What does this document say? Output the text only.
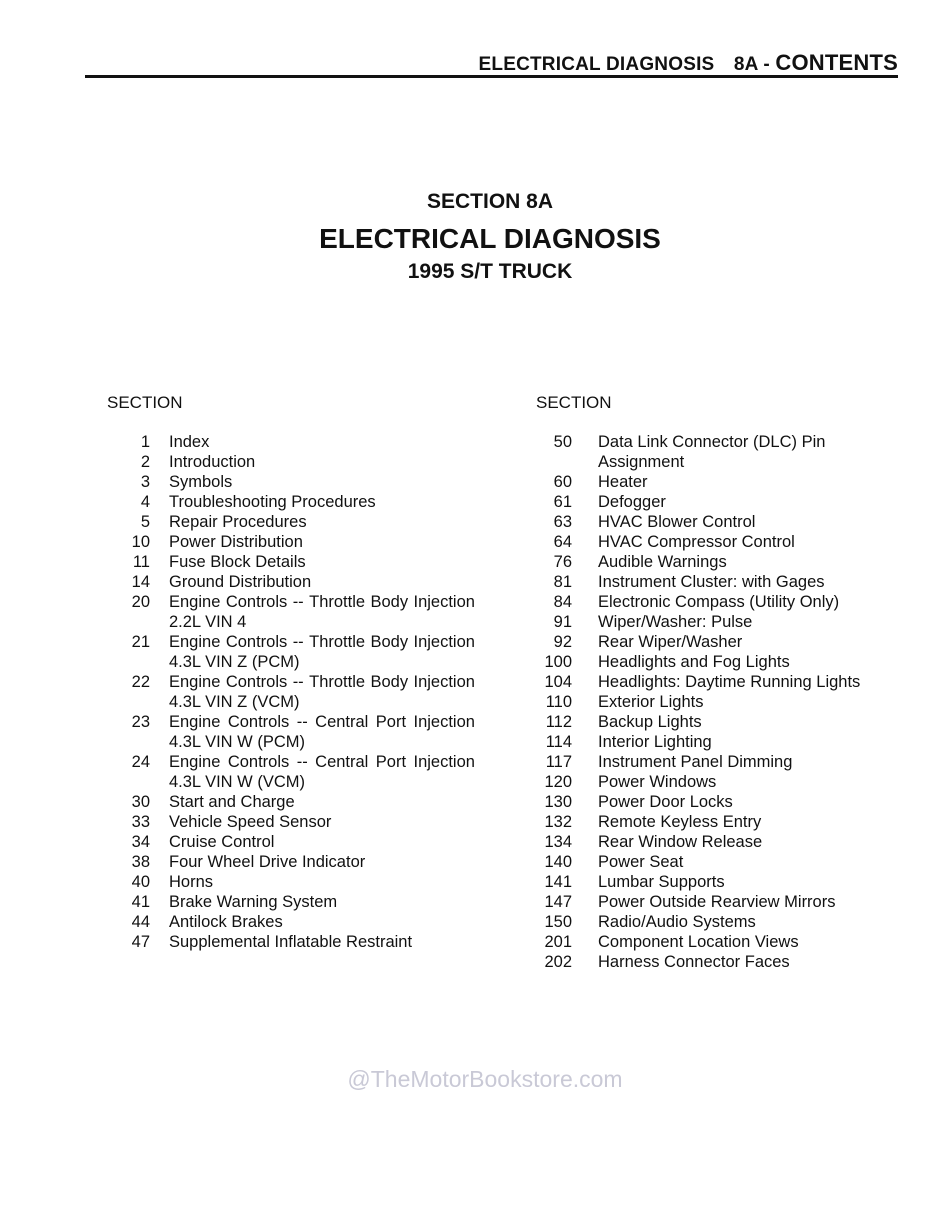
ELECTRICAL DIAGNOSIS 8A - CONTENTS
SECTION 8A
ELECTRICAL DIAGNOSIS
1995 S/T TRUCK
SECTION
1 Index
2 Introduction
3 Symbols
4 Troubleshooting Procedures
5 Repair Procedures
10 Power Distribution
11 Fuse Block Details
14 Ground Distribution
20 Engine Controls -- Throttle Body Injection
2.2L VIN 4
21 Engine Controls -- Throttle Body Injection
4.3L VIN Z (PCM)
22 Engine Controls -- Throttle Body Injection
4.3L VIN Z (VCM)
23 Engine Controls -- Central Port Injection
4.3L VIN W (PCM)
24 Engine Controls -- Central Port Injection
4.3L VIN W (VCM)
30 Start and Charge
33 Vehicle Speed Sensor
34 Cruise Control
38 Four Wheel Drive Indicator
40 Horns
41 Brake Warning System
44 Antilock Brakes
47 Supplemental Inflatable Restraint
SECTION
50 Data Link Connector (DLC) Pin
Assignment
60 Heater
61 Defogger
63 HVAC Blower Control
64 HVAC Compressor Control
76 Audible Warnings
81 Instrument Cluster: with Gages
84 Electronic Compass (Utility Only)
91 Wiper/Washer: Pulse
92 Rear Wiper/Washer
100 Headlights and Fog Lights
104 Headlights: Daytime Running Lights
110 Exterior Lights
112 Backup Lights
114 Interior Lighting
117 Instrument Panel Dimming
120 Power Windows
130 Power Door Locks
132 Remote Keyless Entry
134 Rear Window Release
140 Power Seat
141 Lumbar Supports
147 Power Outside Rearview Mirrors
150 Radio/Audio Systems
201 Component Location Views
202 Harness Connector Faces
@TheMotorBookstore.com
